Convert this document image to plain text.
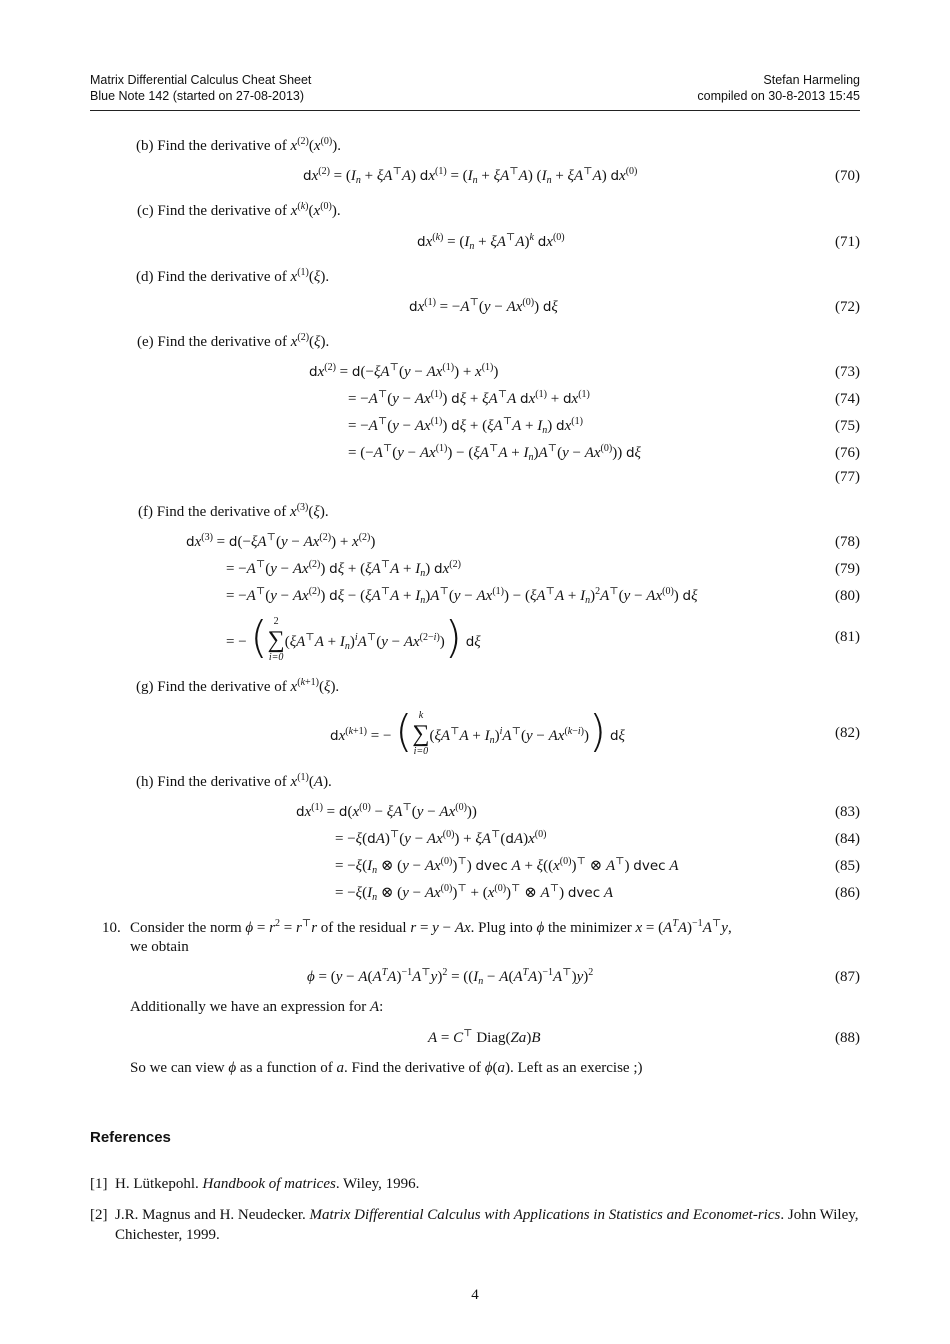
Matrix Differential Calculus Cheat Sheet
Blue Note 142 (started on 27-08-2013)
Stefan Harmeling
compiled on 30-8-2013 15:45
(b) Find the derivative of $x^{(2)}(x^{(0)})$.
$dx^{(2)} = (I_n + \xi A^⊤A) dx^{(1)} = (I_n + \xi A^⊤A) (I_n + \xi A^⊤A)$ $dx^{(0)}$	(70)
(c) Find the derivative of $x^{(k)}(x^{(0)})$.
$dx^{(k)} = (I_n + \xi A^⊤A)^k$ $dx^{(0)}$	(71)
(d) Find the derivative of $x^{(1)}(\xi)$.
$dx^{(1)} = -A^⊤(y - Ax^{(0)})$ dξ	(72)
(e) Find the derivative of $x^{(2)}(\xi)$.
$dx^{(2)} = d(-\xi A^⊤(y - Ax^{(1)}) + x^{(1)})$	(73)
= $-A^⊤(y - Ax^{(1)})$ dξ + ξA⊤A $dx^{(1)} + dx^{(1)}$	(74)
= $-A^⊤(y - Ax^{(1)})$ $d\xi + (\xi A^⊤A + I_n)$ $dx^{(1)}$	(75)
= $(-A^⊤(y - Ax^{(1)}) - (\xi A^⊤A + I_n)A^⊤(y - Ax^{(0)}))$ dξ	(76)
(77)
(f) Find the derivative of $x^{(3)}(\xi)$.
$dx^{(3)} = d(-\xi A^⊤(y - Ax^{(2)}) + x^{(2)})$	(78)
= $-A^⊤(y - Ax^{(2)})$ $d\xi + (\xi A^⊤A + I_n)$ $dx^{(2)}$	(79)
= $-A^⊤(y - Ax^{(2)})$ $d\xi - (\xi A^⊤A + I_n)A^⊤(y - Ax^{(1)}) - (\xi A^⊤A + I_n)^2A^⊤(y - Ax^{(0)})$ dξ	(80)
= − ( 2
∑
i=0
$(\xi A^⊤A + I_n)^iA^⊤(y - Ax^{(2-i)})$) dξ	(81)
(g) Find the derivative of $x^{(k+1)}(\xi)$.
$dx^{(k+1)}$ = − ( k
∑
i=0
$(\xi A^⊤A + I_n)^iA^⊤(y - Ax^{(k-i)})$) dξ	(82)
(h) Find the derivative of $x^{(1)}(A)$.
$dx^{(1)} = d(x^{(0)} - \xi A^⊤(y - Ax^{(0)}))$	(83)
= $-\xi(dA)^⊤(y - Ax^{(0)}) + \xi A^⊤(dA)x^{(0)}$	(84)
= $-\xi(I_n$ ⊗ $(y - Ax^{(0)})^⊤$) dvec $A + \xi((x^{(0)})^⊤$ ⊗ A⊤) dvec A	(85)
= $-\xi(I_n$ ⊗ $(y - Ax^{(0)})^⊤ + (x^{(0)})^⊤$ ⊗ A⊤) dvec A	(86)
10. Consider the norm $\phi = r^2 = r^⊤r$ of the residual r = y − Ax. Plug into ϕ the minimizer $x = (A^TA)^{-1}A^⊤y$,
we obtain
$\phi = (y - A(A^TA)^{-1}A^⊤y)^2 = ((I_n - A(A^TA)^{-1}A^⊤)y)^2$	(87)
Additionally we have an expression for A:
A = C⊤ Diag(Za)B	(88)
So we can view ϕ as a function of a. Find the derivative of ϕ(a). Left as an exercise ;)
References
[1] H. Lütkepohl. Handbook of matrices. Wiley, 1996.
[2] J.R. Magnus and H. Neudecker. Matrix Differential Calculus with Applications in Statistics and Economet-rics. John Wiley, Chichester, 1999.
4
